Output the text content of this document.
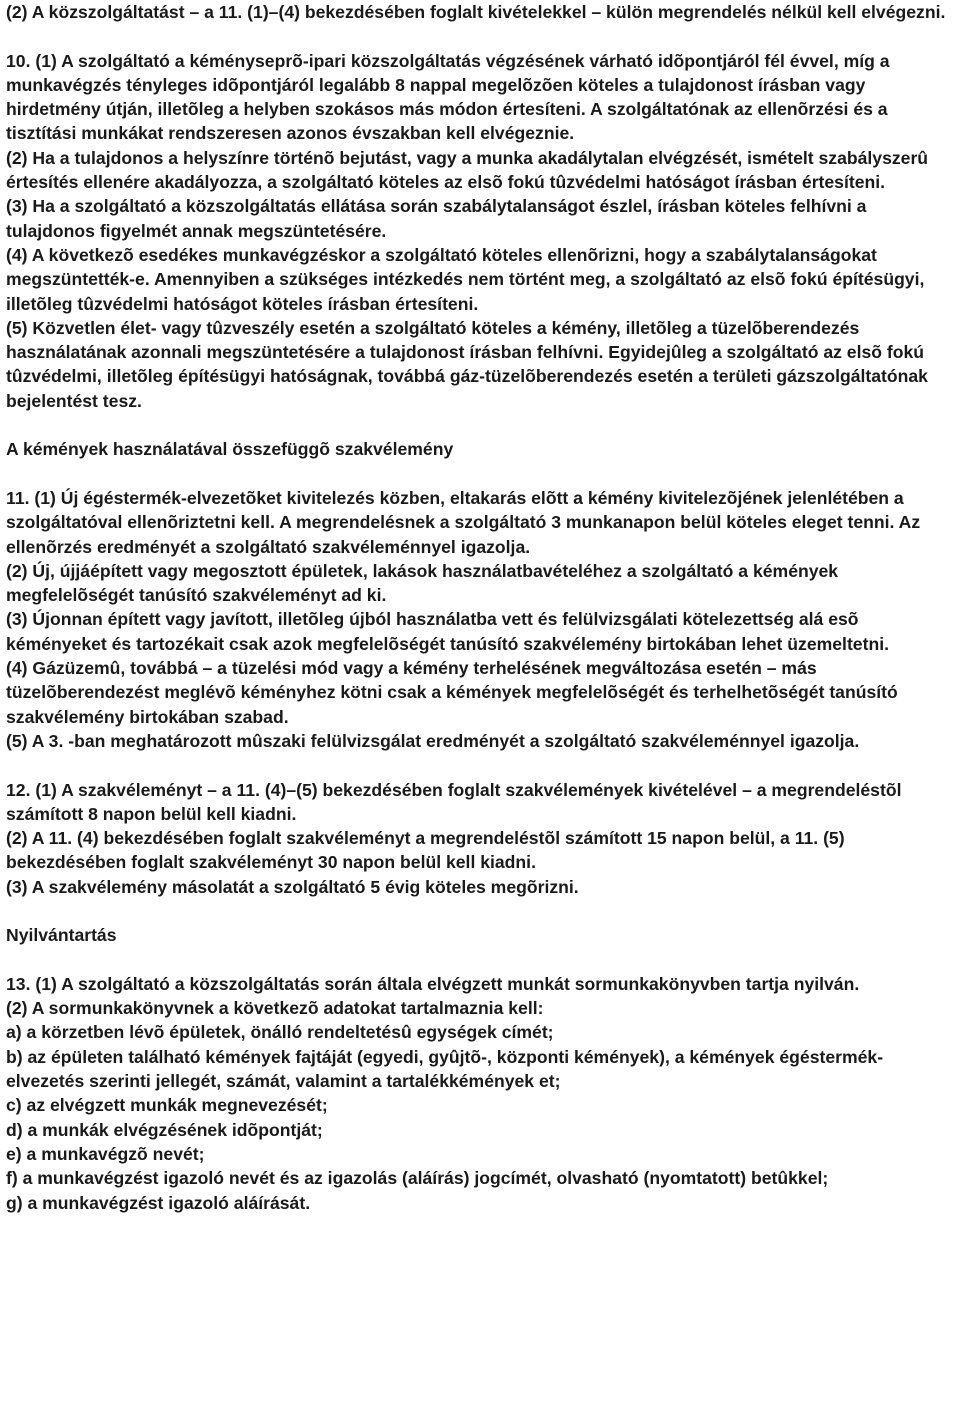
(2) A közszolgáltatást – a 11. (1)–(4) bekezdésében foglalt kivételekkel – külön megrendelés nélkül kell elvégezni.

10. (1) A szolgáltató a kéményseprõ-ipari közszolgáltatás végzésének várható idõpontjáról fél évvel, míg a munkavégzés tényleges idõpontjáról legalább 8 nappal megelõzõen köteles a tulajdonost írásban vagy hirdetmény útján, illetõleg a helyben szokásos más módon értesíteni. A szolgáltatónak az ellenõrzési és a tisztítási munkákat rendszeresen azonos évszakban kell elvégeznie.

(2) Ha a tulajdonos a helyszínre történõ bejutást, vagy a munka akadálytalan elvégzését, ismételt szabályszerû értesítés ellenére akadályozza, a szolgáltató köteles az elsõ fokú tûzvédelmi hatóságot írásban értesíteni.

(3) Ha a szolgáltató a közszolgáltatás ellátása során szabálytalanságot észlel, írásban köteles felhívni a tulajdonos figyelmét annak megszüntetésére.

(4) A következõ esedékes munkavégzéskor a szolgáltató köteles ellenõrizni, hogy a szabálytalanságokat megszüntették-e. Amennyiben a szükséges intézkedés nem történt meg, a szolgáltató az elsõ fokú építésügyi, illetõleg tûzvédelmi hatóságot köteles írásban értesíteni.

(5) Közvetlen élet- vagy tûzveszély esetén a szolgáltató köteles a kémény, illetõleg a tüzelõberendezés használatának azonnali megszüntetésére a tulajdonost írásban felhívni. Egyidejûleg a szolgáltató az elsõ fokú tûzvédelmi, illetõleg építésügyi hatóságnak, továbbá gáz-tüzelõberendezés esetén a területi gázszolgáltatónak bejelentést tesz.

A kémények használatával összefüggõ szakvélemény

11. (1) Új égéstermék-elvezetõket kivitelezés közben, eltakarás elõtt a kémény kivitelezõjének jelenlétében a szolgáltatóval ellenõriztetni kell. A megrendelésnek a szolgáltató 3 munkanapon belül köteles eleget tenni. Az ellenõrzés eredményét a szolgáltató szakvéleménnyel igazolja.

(2) Új, újjáépített vagy megosztott épületek, lakások használatbavételéhez a szolgáltató a kémények megfelelõségét tanúsító szakvéleményt ad ki.

(3) Újonnan épített vagy javított, illetõleg újból használatba vett és felülvizsgálati kötelezettség alá esõ kéményeket és tartozékait csak azok megfelelõségét tanúsító szakvélemény birtokában lehet üzemeltetni.

(4) Gázüzemû, továbbá – a tüzelési mód vagy a kémény terhelésének megváltozása esetén – más tüzelõberendezést meglévõ kéményhez kötni csak a kémények megfelelõségét és terhelhetõségét tanúsító szakvélemény birtokában szabad.

(5) A 3. -ban meghatározott mûszaki felülvizsgálat eredményét a szolgáltató szakvéleménnyel igazolja.

12. (1) A szakvéleményt – a 11. (4)–(5) bekezdésében foglalt szakvélemények kivételével – a megrendeléstõl számított 8 napon belül kell kiadni.

(2) A 11. (4) bekezdésében foglalt szakvéleményt a megrendeléstõl számított 15 napon belül, a 11. (5) bekezdésében foglalt szakvéleményt 30 napon belül kell kiadni.

(3) A szakvélemény másolatát a szolgáltató 5 évig köteles megõrizni.

Nyilvántartás

13. (1) A szolgáltató a közszolgáltatás során általa elvégzett munkát sormunkakönyvben tartja nyilván.

(2) A sormunkakönyvnek a következõ adatokat tartalmaznia kell:

a) a körzetben lévõ épületek, önálló rendeltetésû egységek címét;

b) az épületen található kémények fajtáját (egyedi, gyûjtõ-, központi kémények), a kémények égéstermék-elvezetés szerinti jellegét, számát, valamint a tartalékkémények et;

c) az elvégzett munkák megnevezését;

d) a munkák elvégzésének idõpontját;

e) a munkavégzõ nevét;

f) a munkavégzést igazoló nevét és az igazolás (aláírás) jogcímét, olvasható (nyomtatott) betûkkel;

g) a munkavégzést igazoló aláírását.
